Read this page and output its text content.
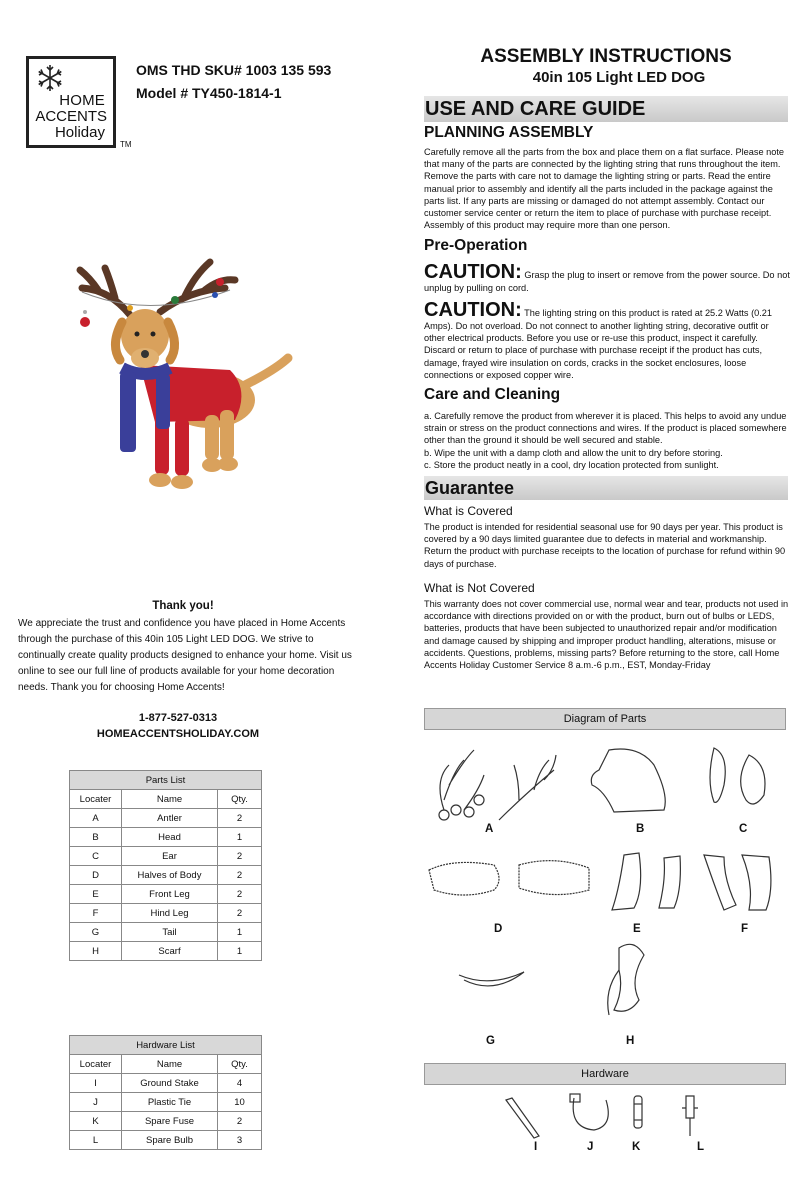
HOME
ACCENTS
Holiday
TM
OMS THD SKU# 1003 135 593
Model # TY450-1814-1
Thank you!
We appreciate the trust and confidence you have placed in Home Accents through the purchase of this 40in 105 Light LED DOG. We strive to continually create quality products designed to enhance your home. Visit us online to see our full line of products available for your home decoration needs. Thank you for choosing Home Accents!
1-877-527-0313
HOMEACCENTSHOLIDAY.COM
Parts List		
Locater	Name	Qty.
A	Antler	2
B	Head	1
C	Ear	2
D	Halves of Body	2
E	Front Leg	2
F	Hind Leg	2
G	Tail	1
H	Scarf	1
Hardware List		
Locater	Name	Qty.
I	Ground Stake	4
J	Plastic Tie	10
K	Spare Fuse	2
L	Spare Bulb	3
ASSEMBLY INSTRUCTIONS
40in 105 Light LED DOG
USE AND CARE GUIDE
PLANNING ASSEMBLY
Carefully remove all the parts from the box and place them on a flat surface. Please note that many of the parts are connected by the lighting string that runs throughout the item. Remove the parts with care not to damage the lighting string or parts. Read the entire manual prior to assembly and identify all the parts included in the package against the parts list. If any parts are missing or damaged do not attempt assembly. Contact our customer service center or return the item to place of purchase with purchase receipt. Assembly of this product may require more than one person.
Pre-Operation
CAUTION: Grasp the plug to insert or remove from the power source. Do not unplug by pulling on cord.
CAUTION: The lighting string on this product is rated at 25.2 Watts (0.21 Amps). Do not overload. Do not connect to another lighting string, decorative outfit or other electrical products. Before you use or re-use this product, inspect it carefully. Discard or return to place of purchase with purchase receipt if the product has cuts, damage, frayed wire insulation on cords, cracks in the socket enclosures, loose connections or exposed copper wire.
Care and Cleaning
a. Carefully remove the product from wherever it is placed. This helps to avoid any undue strain or stress on the product connections and wires. If the product is placed somewhere other than the ground it should be well secured and stable.
b. Wipe the unit with a damp cloth and allow the unit to dry before storing.
c. Store the product neatly in a cool, dry location protected from sunlight.
Guarantee
What is Covered
The product is intended for residential seasonal use for 90 days per year. This product is covered by a 90 days limited guarantee due to defects in material and workmanship. Return the product with purchase receipts to the location of purchase for refund within 90 days of purchase.
What is Not Covered
This warranty does not cover commercial use, normal wear and tear, products not used in accordance with directions provided on or with the product, burn out of bulbs or LEDS, batteries, products that have been subjected to unauthorized repair and/or modification and damage caused by shipping and improper product handling, alterations, misuse or accidents. Questions, problems, missing parts? Before returning to the store, call Home Accents Holiday Customer Service 8 a.m.-6 p.m., EST, Monday-Friday
Diagram of Parts
A	B	C
D	E	F
G	H
Hardware
I	J	K	L
